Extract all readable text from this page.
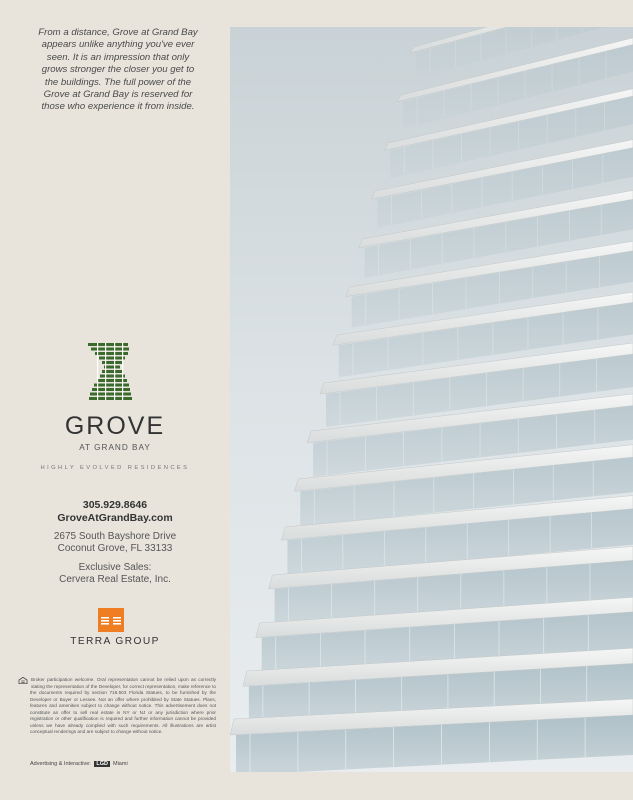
From a distance, Grove at Grand Bay
appears unlike anything you've ever
seen. It is an impression that only
grows stronger the closer you get to
the buildings. The full power of the
Grove at Grand Bay is reserved for
those who experience it from inside.
GROVE
AT GRAND BAY
HIGHLY EVOLVED RESIDENCES
305.929.8646
GroveAtGrandBay.com
2675 South Bayshore Drive
Coconut Grove, FL 33133
Exclusive Sales:
Cervera Real Estate, Inc.
TERRA GROUP
Broker participation welcome. Oral representation cannot be relied upon as correctly stating the representation of the Developer, for correct representation, make reference to the documents required by section 718.503 Florida Statues, to be furnished by the Developer or Buyer or Lessee. Not an offer where prohibited by State Statues. Plans, features and amenities subject to change without notice. This advertisement does not constitute an offer to sell real estate in NY or NJ or any jurisdiction where prior registration or other qualification is required and further information cannot be provided unless we have already complied with such requirements. All illustrations are artist conceptual renderings and are subject to change without notice.
Advertising & Interactive: LGD Miami
